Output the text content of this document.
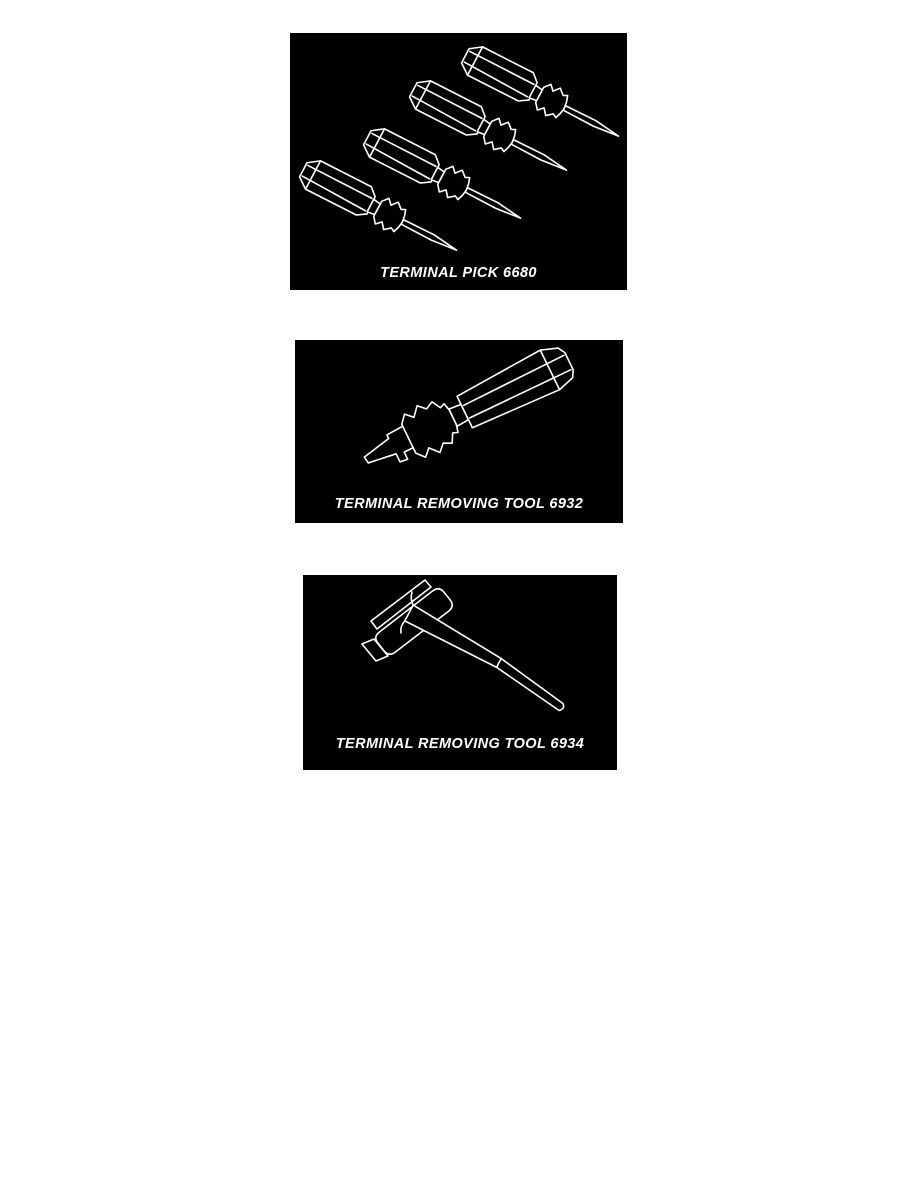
TERMINAL PICK 6680
TERMINAL REMOVING TOOL 6932
TERMINAL REMOVING TOOL 6934
